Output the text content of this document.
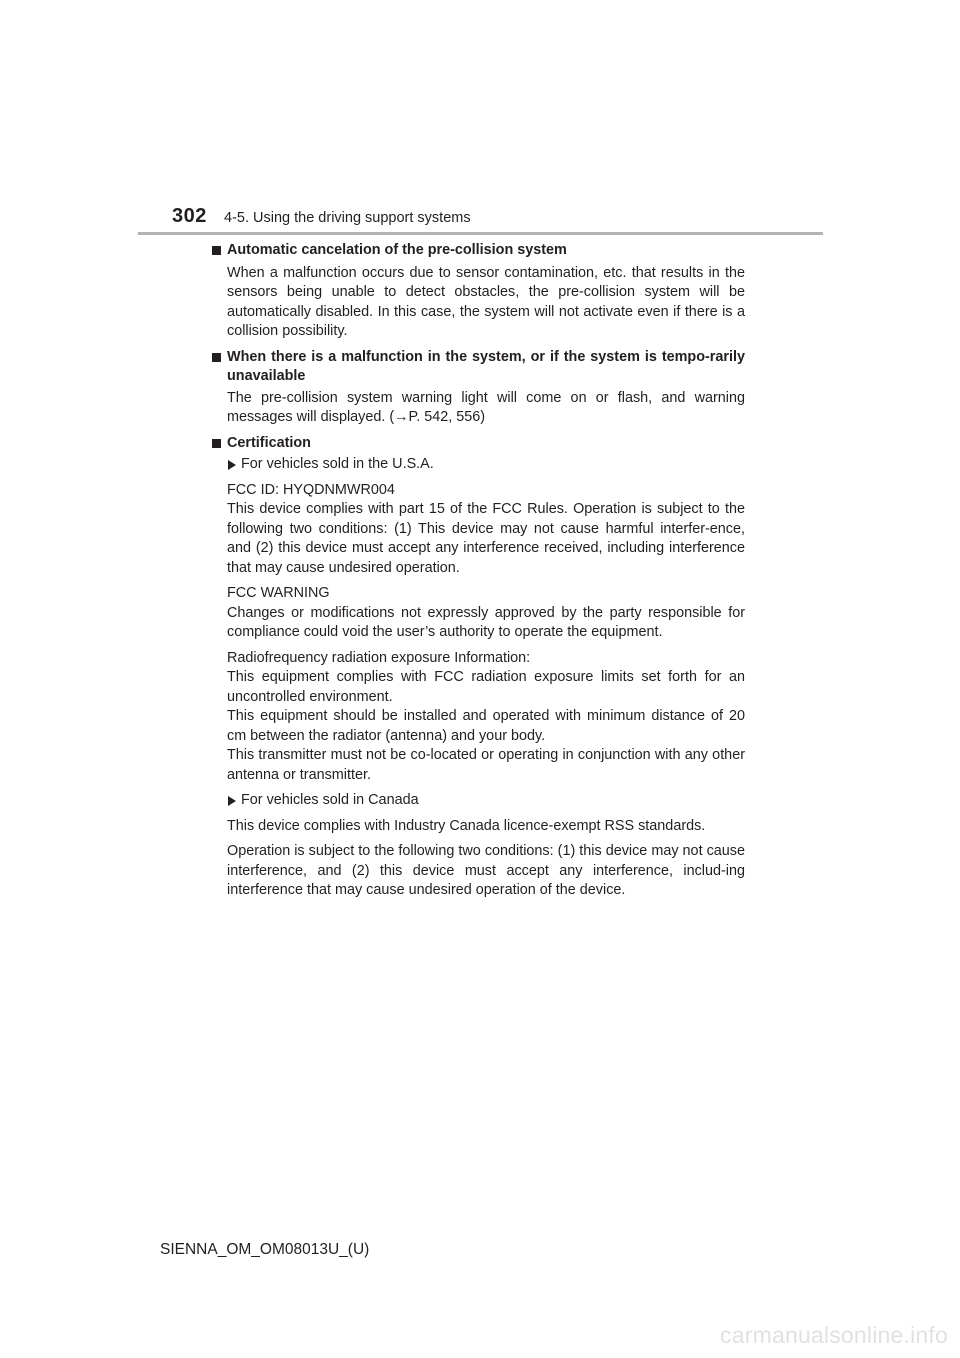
302 4-5. Using the driving support systems
Automatic cancelation of the pre-collision system
When a malfunction occurs due to sensor contamination, etc. that results in the sensors being unable to detect obstacles, the pre-collision system will be automatically disabled. In this case, the system will not activate even if there is a collision possibility.
When there is a malfunction in the system, or if the system is tempo-rarily unavailable
The pre-collision system warning light will come on or flash, and warning messages will displayed. (→P. 542, 556)
Certification
For vehicles sold in the U.S.A.
FCC ID: HYQDNMWR004
This device complies with part 15 of the FCC Rules. Operation is subject to the following two conditions: (1) This device may not cause harmful interfer-ence, and (2) this device must accept any interference received, including interference that may cause undesired operation.
FCC WARNING
Changes or modifications not expressly approved by the party responsible for compliance could void the user’s authority to operate the equipment.
Radiofrequency radiation exposure Information:
This equipment complies with FCC radiation exposure limits set forth for an uncontrolled environment.
This equipment should be installed and operated with minimum distance of 20 cm between the radiator (antenna) and your body.
This transmitter must not be co-located or operating in conjunction with any other antenna or transmitter.
For vehicles sold in Canada
This device complies with Industry Canada licence-exempt RSS standards.
Operation is subject to the following two conditions: (1) this device may not cause interference, and (2) this device must accept any interference, includ-ing interference that may cause undesired operation of the device.
SIENNA_OM_OM08013U_(U)
carmanualsonline.info
